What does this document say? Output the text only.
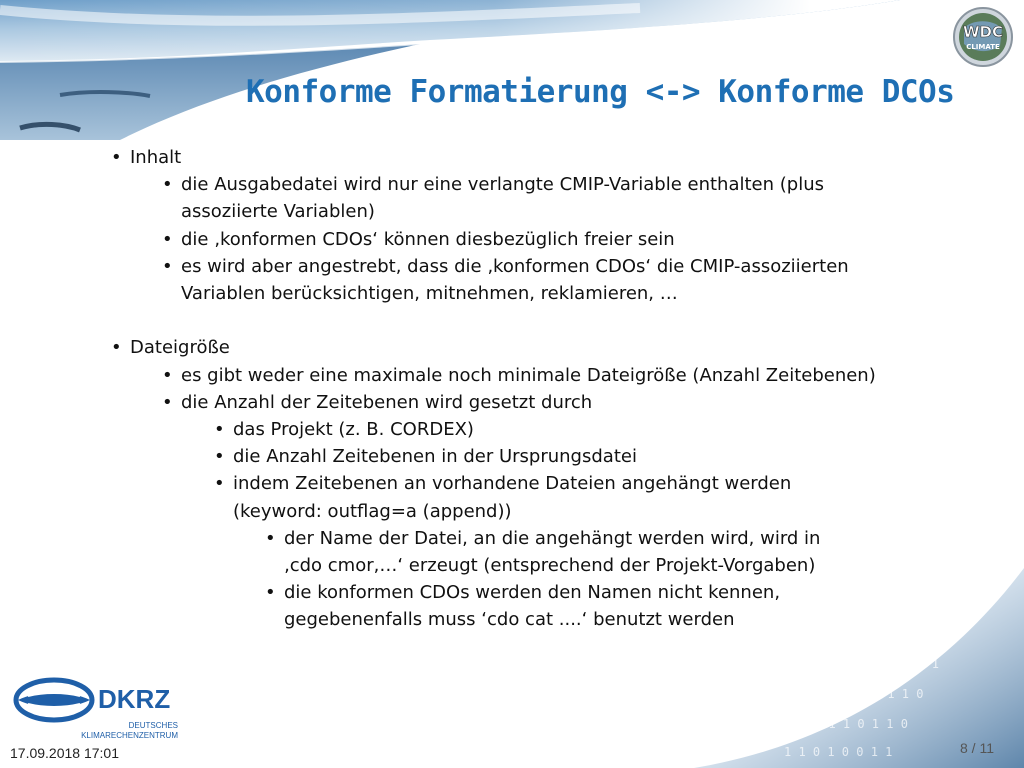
1 0 1 1
0 1 1 0 1
1 0 0 1 1 0
0 1 1 0 1 1 0
1 1 0 1 0 0 1 1
WDC
CLIMATE
Konforme Formatierung <-> Konforme DCOs
• Inhalt
• die Ausgabedatei wird nur eine verlangte CMIP-Variable enthalten (plus
assoziierte Variablen)
• die ‚konformen CDOs‘ können diesbezüglich freier sein
• es wird aber angestrebt, dass die ‚konformen CDOs‘ die CMIP-assoziierten
Variablen berücksichtigen, mitnehmen, reklamieren, …
• Dateigröße
• es gibt weder eine maximale noch minimale Dateigröße (Anzahl Zeitebenen)
• die Anzahl der Zeitebenen wird gesetzt durch
• das Projekt (z. B. CORDEX)
• die Anzahl Zeitebenen in der Ursprungsdatei
• indem Zeitebenen an vorhandene Dateien angehängt werden
(keyword: outflag=a (append))
• der Name der Datei, an die angehängt werden wird, wird in
‚cdo cmor,…‘ erzeugt (entsprechend der Projekt-Vorgaben)
• die konformen CDOs werden den Namen nicht kennen,
gegebenenfalls muss ‘cdo cat ....‘ benutzt werden
DKRZ
DEUTSCHES
KLIMARECHENZENTRUM
17.09.2018 17:01	8 / 11
